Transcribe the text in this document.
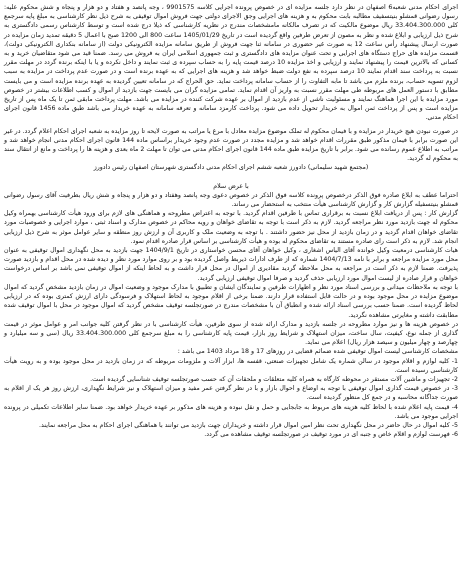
اجرای احکام مدنی شعبه6 اصفهان در نظر دارد جلسه مزایده ای در خصوص پرونده اجرایی کلاسه 9901575 ، وجه پانصد و هفتاد و دو هزار و پنجاه و شش محکوم علیه: رسول رضوانی قمشلو بنیتسفیف مطالبه بابت محکوم به و هزینه های اجرایی وجق الاجرای دولتی جهت فروش اموال توقیفی به شرح ذیل نظر کارشناسی به مبلغ پایه سرجمع کلی 33.404.300.000 ریال موضوع مالکیت که در تصرف مالکانه مامشخصات مندرج در نظریه کارشناسی که ذیلا درج شده است و توسط کارشناس رسمی دادگستری به شرح ذیل ارزیابی و ابلاغ شده و نظر به مصون از تعرض طرفین واقع گردیده است در تاریخ 1405/01/29 ساعت 800 الی 1200 صبح با اعمال 5 دقیقه تمدید زمان مزایده در صورت ارسال پیشنهاد رأس ساعت 12 به صورت غیر حضوری در سامانه ثنا جهت فروش از طریق سامانه مزایده الکترونیکی دولت (از سامانه بنکداری الکترونیکی دولت)، قسمت مزایده های حراج دستگاه های اجرایی و تحت عنوان مزایده های دادگستری و ثبت جمهوری اسلامی ایران به فروش می رسد. ضمنا قید می شود متقاضیان خرید و به کسانی که بالاترین قیمت را پیشنهاد نمایند و ارزیابی و اخذ مزایده 10 درصد قیمت پایه را به حساب سپرده ی ثبت نمایند و داخل نکرده و یا با اینکه برنده گردد در مهلت مقرر نسبت به پرداخت سند اقدام نمایند 10 درصد سپرده به نفع دولت ضبط خواهد شد و هزینه های اجرایی که به عهده برنده است و در صورت عدم پرداخت در مزایده به سبب لزوم تسویه حساب، برنده ملزم می باشد تا مابه التفاوت را از حساب سامانه پرداخت نماید. حق الحراج که در سامانه تعیین گردیده به عهده برنده مزایده است و می بایست مطابق با دستور العمل های مربوطه طی مهلت مقرر نسبت به واریز آن اقدام نماید. تمامی مزایده گران می بایست جهت بازدید از اموال و کسب اطلاعات بیشتر در خصوص مورد مزایده با این اجرا هماهنگ نمایند و مسئولیت ناشی از عدم بازدید از اموال بر عهده شرکت کننده در مزایده می باشد. مهلت پرداخت مابقی ثمن تا یک ماه پس از تاریخ مزایده است و پس از پرداخت ثمن اموال به خریدار تحویل داده می شود. پرداخت کارمزد سامانه و تعرفه سامانه به عهده خریدار می باشد طبق ماده 1456 قانون اجرای احکام مدنی.

در صورت نبودن هیچ خریدار در مزایده و با فیمان محکوم له تملک موضوع مزایده معادل با مرغ یا مراتب به صورت لایحه تا روز مزایده به شعبه اجرای احکام اعلام گردد. در غیر این صورت برابر با فیمان مذکور طبق مقررات اقدام خواهد شد و مزایده مجدد در صورت عدم وجود خریدار براساس ماده 144 قانون اجرای احکام مدنی انجام خواهد شد و مراتب به اطلاع عموم رسانده می شود. برابر با تاریخ مزایده طبق ماده 144 قانون اجرای احکام مدنی می توان تا مهلت 2 ماه بعدی و هزینه ها را پرداخت و مانع از انتقال سند به محکوم له گردید.

(مجتمع شهید سلیمانی) دادورز شعبه ششم اجرای احکام مدنی دادگستری شهرستان اصفهان رئیس دادورز

با عرض سلام

احتراما عطف به ابلاغ صادره فوق الذکر درخصوص پرونده کلاسه فوق الذکر در خصوص دعوی وجه پانصد وهفتاد و دو هزار و پنجاه و شش ریال بطرفیت آقای رسول رضوانی قمشلو بنیتسفیله گزارش کار و گزارش کارشناسی هیأت منتخب به استحضار می رساند.

گزارش کار : پس از دریافت ابلاغ نسبت به برقراری تماس با طرفین اقدام گردید. با توجه به اعتراض مطروحه و هماهنگی های لازم برای ورود هیأت کارشناسی بهمراه وکیل محکوم له جهت بازدید مورد نظر مراجعه گردید. لازم به ذکر است با توجه به تقاضای خواهان و رویه محاکم در خصوص مدارک و اسناد ثبتی ، موارد اجرایی و خصوصیات مورد تقاضای خواهان اقدام گردید و در زمان بازدید از محل نیز حضور داشتند . با توجه به وضعیت ملک و کاربری آن و ارزش روز منطقه و سایر عوامل موثر به شرح ذیل ارزیابی انجام شد. لازم به ذکر است رای صادره مستند به تقاضای محکوم له بوده و هیأت کارشناسی بر اساس قرار صادره اقدام نمود.

هیات کارشناسی درمعیت وکیل خوانده آقای الیاس اشغاری ، وکیل خواهان آقای محسن خواستاری در تاریخ 1404/9/1 جهت بازدید به محل نگهداری اموال توقیفی به عنوان محل مورد مزایده مراجعه و برابر با نامه 1404/7/13 شماره که از طرف ادارات ذیربط واصل گردیده بود و بر روی موارد مورد نظر و دیده شده در محل اقدام و بازدید صورت پذیرفت. ضمنا لازم به ذکر است در مراجعه به محل ملاحظه گردید مقادیری از اموال در محل قرار داشت و به لحاظ اینکه از اموال توقیفی نمی باشد بر اساس درخواست خواهان و قرار صادره از لیست اموال مورد ارزیابی حذف گردید و صرفا اموال توقیفی ارزیابی گردید.

با توجه به ملاحظات میدانی و بررسی اسناد مورد نظر و اظهارات طرفین و نمایندگان ایشان و تطبیق با مدارک موجود و وضعیت اموال در زمان بازدید مشخص گردید که اموال موضوع مزایده در محل موجود بوده و در حالت قابل استفاده قرار دارند. ضمنا برخی از اقلام موجود به لحاظ استهلاک و فرسودگی دارای ارزش کمتری بوده که در ارزیابی لحاظ گردیده است. ضمنا حسب بررسی اسناد ارائه شده و انطباق آن با مشخصات مندرج در صورتجلسه توقیف مشخص گردید که اموال موجود در محل با اموال توقیف شده مطابقت داشته و مغایرتی مشاهده نگردید.

در خصوص هزینه ها و نیز موارد مطروحه در جلسه بازدید و مدارک ارائه شده از سوی طرفین، هیأت کارشناسی با در نظر گرفتن کلیه جوانب امر و عوامل موثر در قیمت گذاری از جمله نوع، کیفیت، سال ساخت، میزان استهلاک و شرایط روز بازار، قیمت پایه کارشناسی را به مبلغ سرجمع کلی 33.404.300.000 ریال (سی و سه میلیارد و چهارصد و چهار میلیون و سیصد هزار ریال) اعلام می نماید.

مشخصات کارشناسی لیست اموال توقیفی شده ضمائم قضایی در روزهای 17 و 18 مرداد 1403 می باشد :

1- کلیه لوازم و اقلام موجود در سالن شماره یک شامل تجهیزات صنعتی، قفسه ها، ابزار آلات و ملزومات مربوطه که در زمان بازدید در محل موجود بوده و به رویت هیأت کارشناسی رسیده است.

2- تجهیزات و ماشین آلات مستقر در محوطه کارگاه به همراه کلیه متعلقات و ملحقات آن که حسب صورتجلسه توقیف شناسایی گردیده است.

3- در خصوص قیمت گذاری اموال توقیفی با توجه به اوضاع و احوال بازار و با در نظر گرفتن عمر مفید و میزان استهلاک و نیز شرایط نگهداری، ارزش روز هر یک از اقلام به صورت جداگانه محاسبه و در جمع کل منظور گردیده است.

4- قیمت پایه اعلام شده با لحاظ کلیه هزینه های مربوط به جابجایی و حمل و نقل نبوده و هزینه های مذکور بر عهده خریدار خواهد بود. ضمنا سایر اطلاعات تکمیلی در پرونده اجرایی موجود می باشد.

5- کلیه اموال در حال حاضر در محل نگهداری تحت نظر امین اموال قرار داشته و خریداران جهت بازدید می توانند با هماهنگی اجرای احکام به محل مراجعه نمایند.

6- فهرست لوازم و اقلام خاص و جنبه ای در مورد توقیف در صورتجلسه توقیف مشاهده می گردد.
